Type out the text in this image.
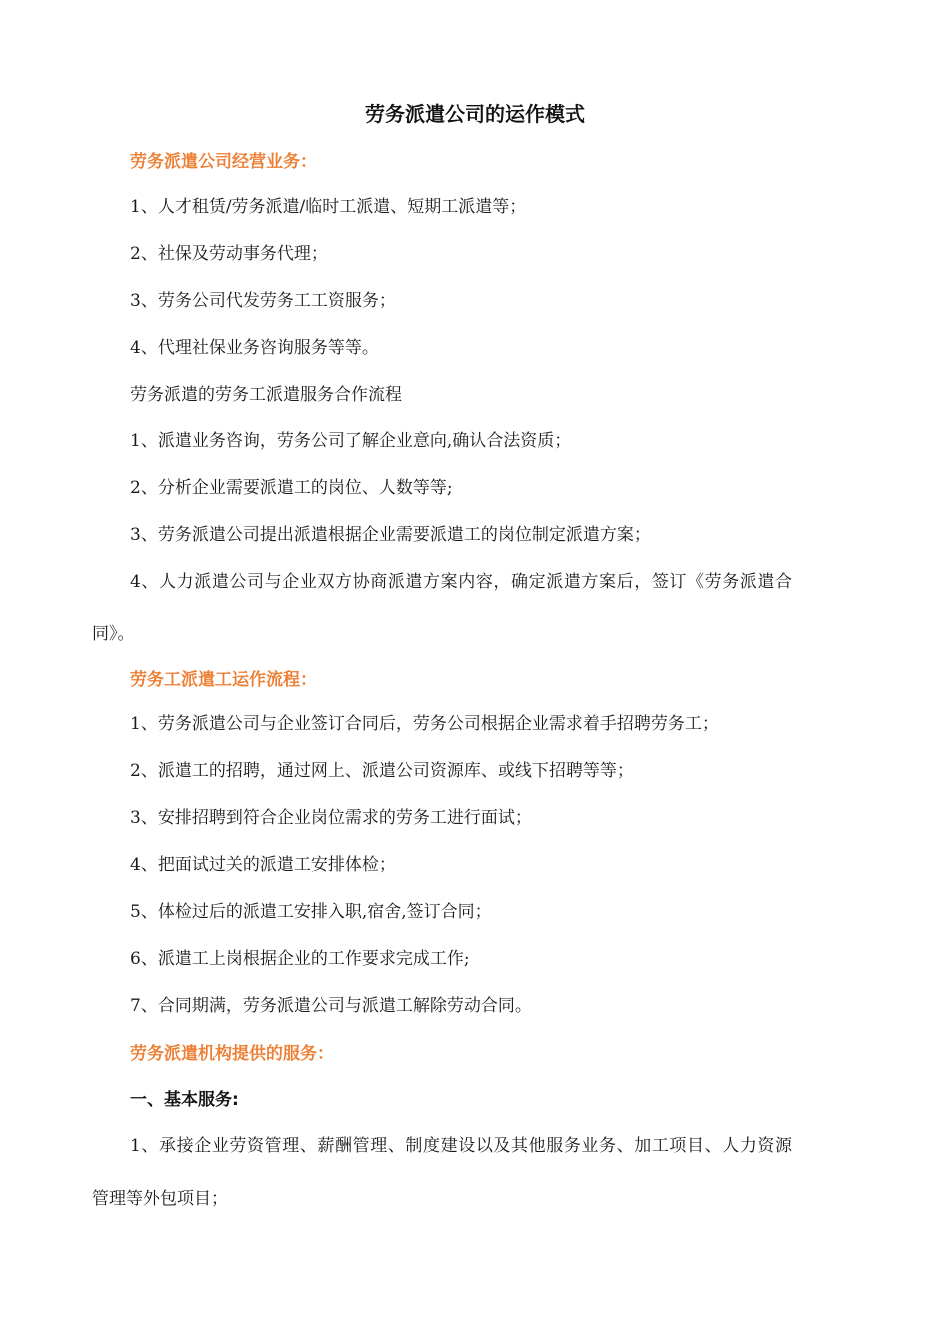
劳务派遣公司的运作模式
劳务派遣公司经营业务：
1、人才租赁/劳务派遣/临时工派遣、短期工派遣等；
2、社保及劳动事务代理；
3、劳务公司代发劳务工工资服务；
4、代理社保业务咨询服务等等。
劳务派遣的劳务工派遣服务合作流程
1、派遣业务咨询，劳务公司了解企业意向,确认合法资质；
2、分析企业需要派遣工的岗位、人数等等;
3、劳务派遣公司提出派遣根据企业需要派遣工的岗位制定派遣方案；
4、人力派遣公司与企业双方协商派遣方案内容，确定派遣方案后，签订《劳务派遣合
同》。
劳务工派遣工运作流程：
1、劳务派遣公司与企业签订合同后，劳务公司根据企业需求着手招聘劳务工；
2、派遣工的招聘，通过网上、派遣公司资源库、或线下招聘等等；
3、安排招聘到符合企业岗位需求的劳务工进行面试；
4、把面试过关的派遣工安排体检；
5、体检过后的派遣工安排入职,宿舍,签订合同；
6、派遣工上岗根据企业的工作要求完成工作;
7、合同期满，劳务派遣公司与派遣工解除劳动合同。
劳务派遣机构提供的服务：
一、基本服务:
1、承接企业劳资管理、薪酬管理、制度建设以及其他服务业务、加工项目、人力资源
管理等外包项目；
